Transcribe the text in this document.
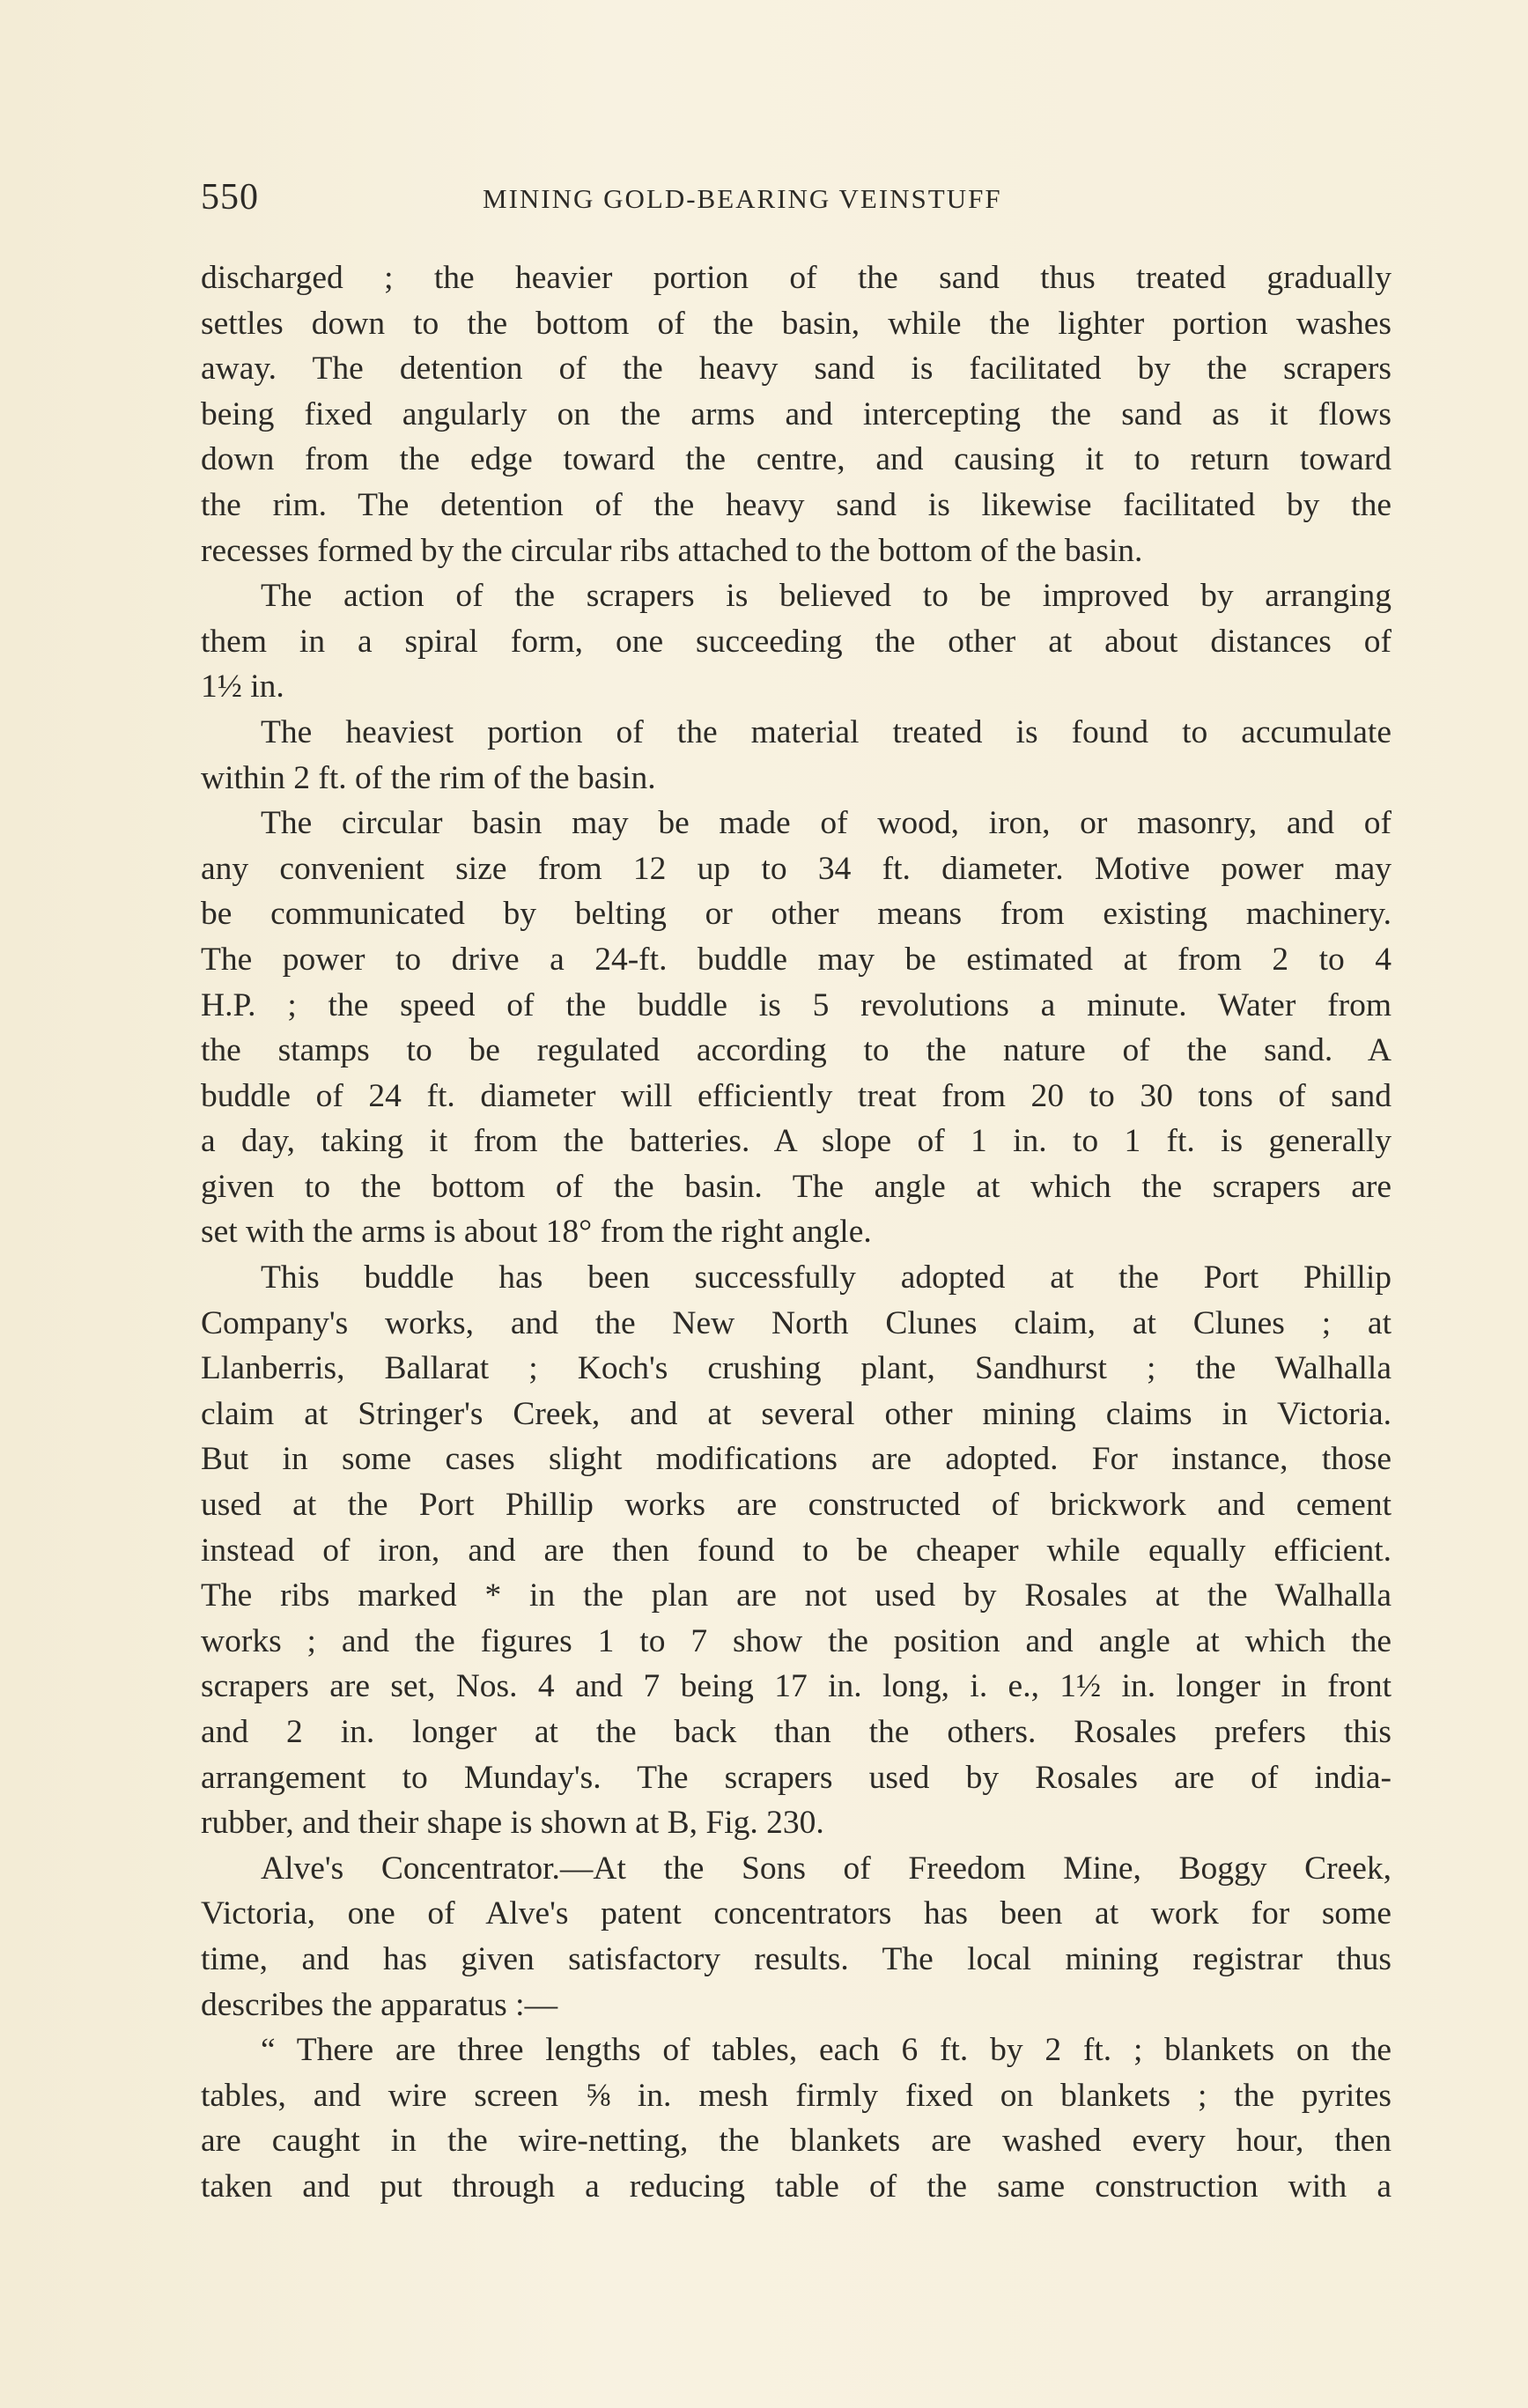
550	MINING GOLD-BEARING VEINSTUFF

discharged ; the heavier portion of the sand thus treated gradually

settles down to the bottom of the basin, while the lighter portion washes

away. The detention of the heavy sand is facilitated by the scrapers

being fixed angularly on the arms and intercepting the sand as it flows

down from the edge toward the centre, and causing it to return toward

the rim. The detention of the heavy sand is likewise facilitated by the

recesses formed by the circular ribs attached to the bottom of the basin.

The action of the scrapers is believed to be improved by arranging

them in a spiral form, one succeeding the other at about distances of

1½ in.

The heaviest portion of the material treated is found to accumulate

within 2 ft. of the rim of the basin.

The circular basin may be made of wood, iron, or masonry, and of

any convenient size from 12 up to 34 ft. diameter. Motive power may

be communicated by belting or other means from existing machinery.

The power to drive a 24-ft. buddle may be estimated at from 2 to 4

H.P. ; the speed of the buddle is 5 revolutions a minute. Water from

the stamps to be regulated according to the nature of the sand. A

buddle of 24 ft. diameter will efficiently treat from 20 to 30 tons of sand

a day, taking it from the batteries. A slope of 1 in. to 1 ft. is generally

given to the bottom of the basin. The angle at which the scrapers are

set with the arms is about 18° from the right angle.

This buddle has been successfully adopted at the Port Phillip

Company's works, and the New North Clunes claim, at Clunes ; at

Llanberris, Ballarat ; Koch's crushing plant, Sandhurst ; the Walhalla

claim at Stringer's Creek, and at several other mining claims in Victoria.

But in some cases slight modifications are adopted. For instance, those

used at the Port Phillip works are constructed of brickwork and cement

instead of iron, and are then found to be cheaper while equally efficient.

The ribs marked * in the plan are not used by Rosales at the Walhalla

works ; and the figures 1 to 7 show the position and angle at which the

scrapers are set, Nos. 4 and 7 being 17 in. long, i. e., 1½ in. longer in front

and 2 in. longer at the back than the others. Rosales prefers this

arrangement to Munday's. The scrapers used by Rosales are of india-

rubber, and their shape is shown at B, Fig. 230.

Alve's Concentrator.—At the Sons of Freedom Mine, Boggy Creek,

Victoria, one of Alve's patent concentrators has been at work for some

time, and has given satisfactory results. The local mining registrar thus

describes the apparatus :—

“ There are three lengths of tables, each 6 ft. by 2 ft. ; blankets on the

tables, and wire screen ⅝ in. mesh firmly fixed on blankets ; the pyrites

are caught in the wire-netting, the blankets are washed every hour, then

taken and put through a reducing table of the same construction with a
